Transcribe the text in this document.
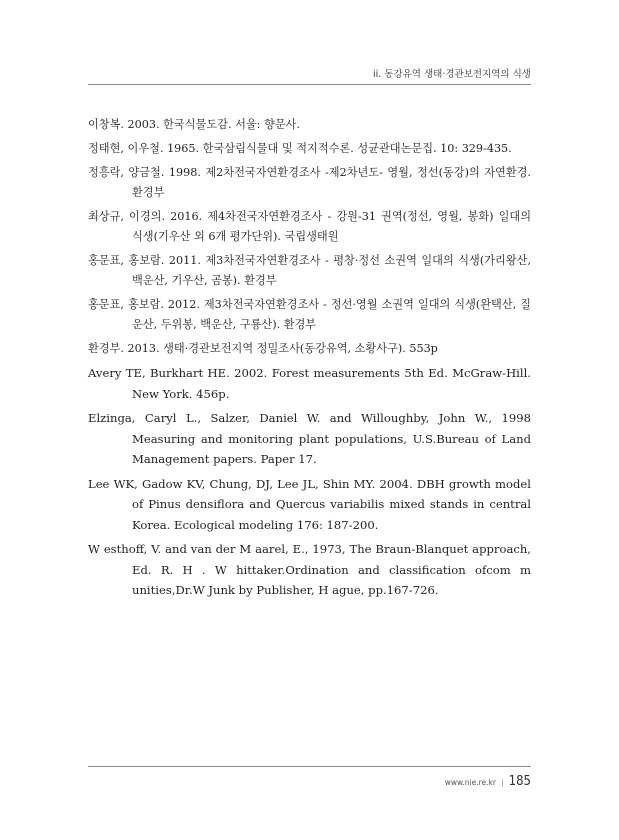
ii. 동강유역 생태·경관보전지역의 식생

이창복. 2003. 한국식물도감. 서울: 향문사.

정태현, 이우철. 1965. 한국삼림식물대 및 적지적수론. 성균관대논문집. 10: 329-435.

정흥락, 양금철. 1998. 제2차전국자연환경조사 -제2차년도- 영월, 정선(동강)의 자연환경. 환경부

최상규, 이경의. 2016. 제4차전국자연환경조사 - 강원-31 권역(정선, 영월, 봉화) 일대의 식생(기우산 외 6개 평가단위). 국립생태원

홍문표, 홍보람. 2011. 제3차전국자연환경조사 - 평창·정선 소권역 일대의 식생(가리왕산, 백운산, 기우산, 곰봉). 환경부

홍문표, 홍보람. 2012. 제3차전국자연환경조사 - 정선·영월 소권역 일대의 식생(완택산, 질운산, 두위봉, 백운산, 구룡산). 환경부

환경부. 2013. 생태·경관보전지역 정밀조사(동강유역, 소황사구). 553p

Avery TE, Burkhart HE. 2002. Forest measurements 5th Ed. McGraw-Hill. New York. 456p.

Elzinga, Caryl L., Salzer, Daniel W. and Willoughby, John W., 1998 Measuring and monitoring plant populations, U.S.Bureau of Land Management papers. Paper 17.

Lee WK, Gadow KV, Chung, DJ, Lee JL, Shin MY. 2004. DBH growth model of Pinus densiflora and Quercus variabilis mixed stands in central Korea. Ecological modeling 176: 187-200.

W esthoff, V. and van der M aarel, E., 1973, The Braun-Blanquet approach, Ed. R. H . W hittaker.Ordination and classification ofcom m unities,Dr.W Junk by Publisher, H ague, pp.167-726.

www.nie.re.kr | 185
